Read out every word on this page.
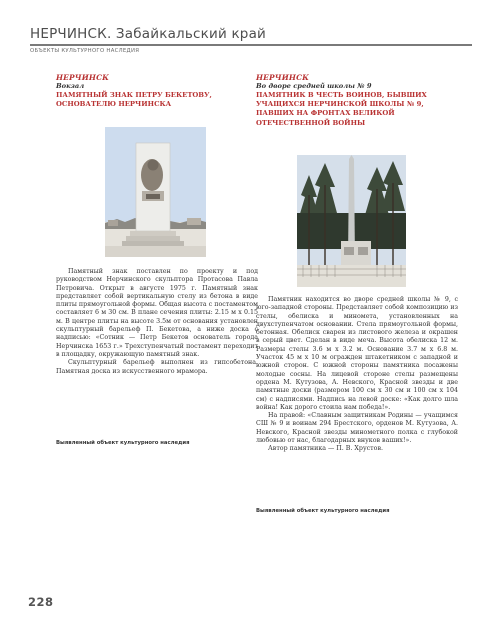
НЕРЧИНСК. Забайкальский край
ОБЪЕКТЫ КУЛЬТУРНОГО НАСЛЕДИЯ
НЕРЧИНСК
Вокзал
ПАМЯТНЫЙ ЗНАК ПЕТРУ БЕКЕТОВУ,
ОСНОВАТЕЛЮ НЕРЧИНСКА

Памятный знак поставлен по проекту и под руководством Нерчинского скульптора Протасова Павла Петровича. Открыт в августе 1975 г. Памятный знак представляет собой вертикальную стелу из бетона в виде плиты прямоугольной формы. Общая высота с постаментом составляет 6 м 30 см. В плане сечения плиты: 2.15 м х 0.15 м. В центре плиты на высоте 3.5м от основания установлен скульптурный барельеф П. Бекетова, а ниже доска с надписью: «Сотник — Петр Бекетов основатель города Нерчинска 1653 г.» Трехступенчатый постамент переходит в площадку, окружающую памятный знак.

Скульптурный барельеф выполнен из гипсобетона. Памятная доска из искусственного мрамора.

Выявленный объект культурного наследия
НЕРЧИНСК
Во дворе средней школы № 9
ПАМЯТНИК В ЧЕСТЬ ВОИНОВ, БЫВШИХ
УЧАЩИХСЯ НЕРЧИНСКОЙ ШКОЛЫ № 9,
ПАВШИХ НА ФРОНТАХ ВЕЛИКОЙ
ОТЕЧЕСТВЕННОЙ ВОЙНЫ

Памятник находится во дворе средней школы № 9, с юго-западной стороны. Представляет собой композицию из стелы, обелиска и миномета, установленных на двухступенчатом основании. Стела прямоугольной формы, бетонная. Обелиск сварен из листового железа и окрашен в серый цвет. Сделан в виде меча. Высота обелиска 12 м. Размеры стелы 3.6 м х 3.2 м. Основание 3.7 м х 6.8 м. Участок 45 м х 10 м огражден штакетником с западной и южной сторон. С южной стороны памятника посажены молодые сосны. На лицевой стороне стелы размещены ордена М. Кутузова, А. Невского, Красной звезды и две памятные доски (размером 100 см х 30 см и 100 см х 104 см) с надписями. Надпись на левой доске: «Как долго шла война! Как дорого стоила нам победа!».

На правой: «Славным защитникам Родины — учащимся СШ № 9 и воинам 294 Брестского, орденов М. Кутузова, А. Невского, Красной звезды минометного полка с глубокой любовью от нас, благодарных внуков ваших!».

Автор памятника — П. В. Хрустов.

Выявленный объект культурного наследия
228
